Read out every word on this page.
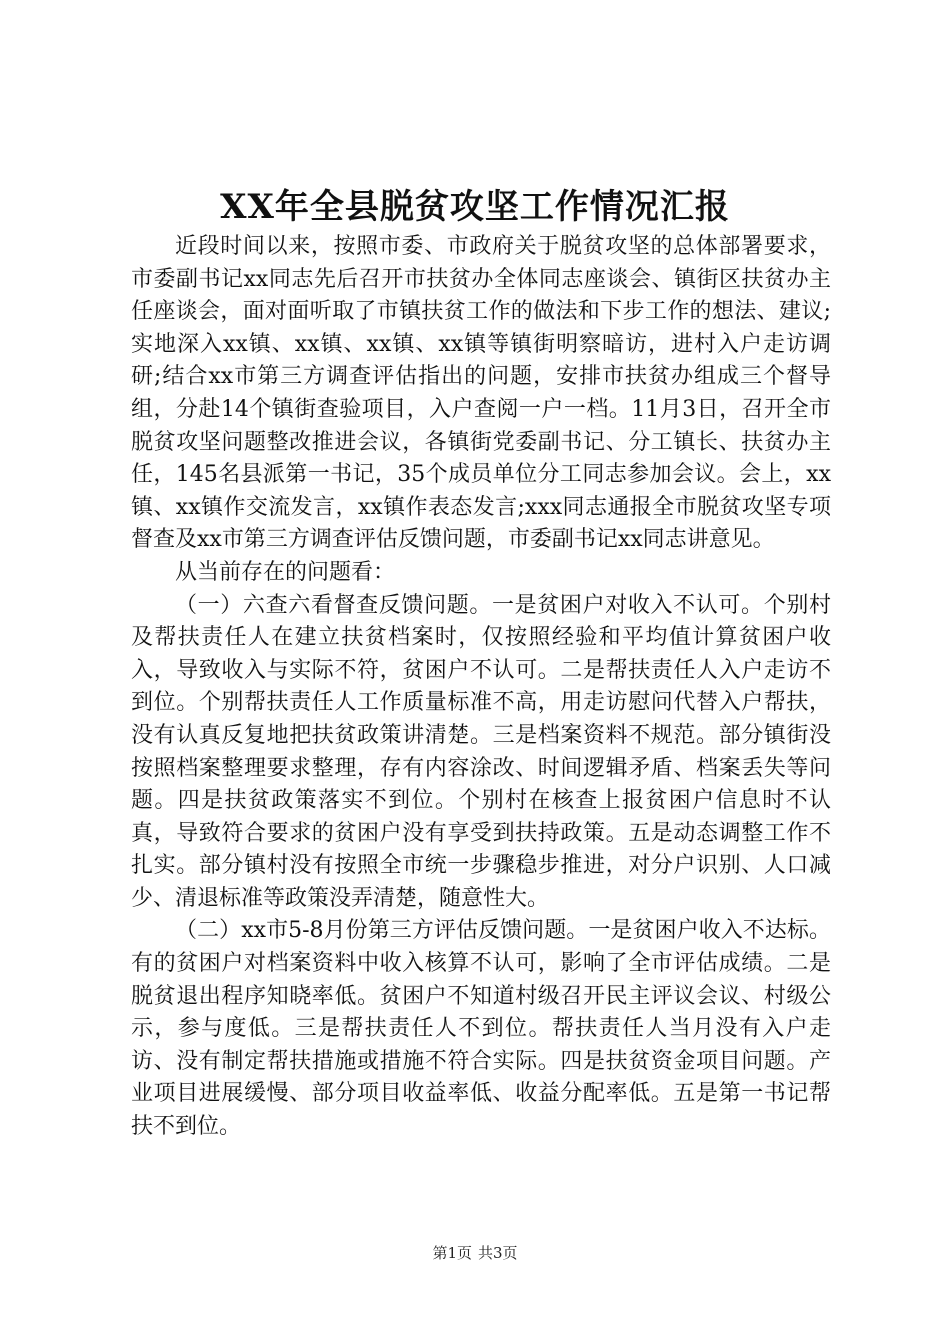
XX年全县脱贫攻坚工作情况汇报

近段时间以来，按照市委、市政府关于脱贫攻坚的总体部署要求，市委副书记xx同志先后召开市扶贫办全体同志座谈会、镇街区扶贫办主任座谈会，面对面听取了市镇扶贫工作的做法和下步工作的想法、建议;实地深入xx镇、xx镇、xx镇、xx镇等镇街明察暗访，进村入户走访调研;结合xx市第三方调查评估指出的问题，安排市扶贫办组成三个督导组，分赴14个镇街查验项目，入户查阅一户一档。11月3日，召开全市脱贫攻坚问题整改推进会议，各镇街党委副书记、分工镇长、扶贫办主任，145名县派第一书记，35个成员单位分工同志参加会议。会上，xx镇、xx镇作交流发言，xx镇作表态发言;xxx同志通报全市脱贫攻坚专项督查及xx市第三方调查评估反馈问题，市委副书记xx同志讲意见。

从当前存在的问题看：

（一）六查六看督查反馈问题。一是贫困户对收入不认可。个别村及帮扶责任人在建立扶贫档案时，仅按照经验和平均值计算贫困户收入，导致收入与实际不符，贫困户不认可。二是帮扶责任人入户走访不到位。个别帮扶责任人工作质量标准不高，用走访慰问代替入户帮扶，没有认真反复地把扶贫政策讲清楚。三是档案资料不规范。部分镇街没按照档案整理要求整理，存有内容涂改、时间逻辑矛盾、档案丢失等问题。四是扶贫政策落实不到位。个别村在核查上报贫困户信息时不认真，导致符合要求的贫困户没有享受到扶持政策。五是动态调整工作不扎实。部分镇村没有按照全市统一步骤稳步推进，对分户识别、人口减少、清退标准等政策没弄清楚，随意性大。

（二）xx市5-8月份第三方评估反馈问题。一是贫困户收入不达标。有的贫困户对档案资料中收入核算不认可，影响了全市评估成绩。二是脱贫退出程序知晓率低。贫困户不知道村级召开民主评议会议、村级公示，参与度低。三是帮扶责任人不到位。帮扶责任人当月没有入户走访、没有制定帮扶措施或措施不符合实际。四是扶贫资金项目问题。产业项目进展缓慢、部分项目收益率低、收益分配率低。五是第一书记帮扶不到位。

第1页 共3页
